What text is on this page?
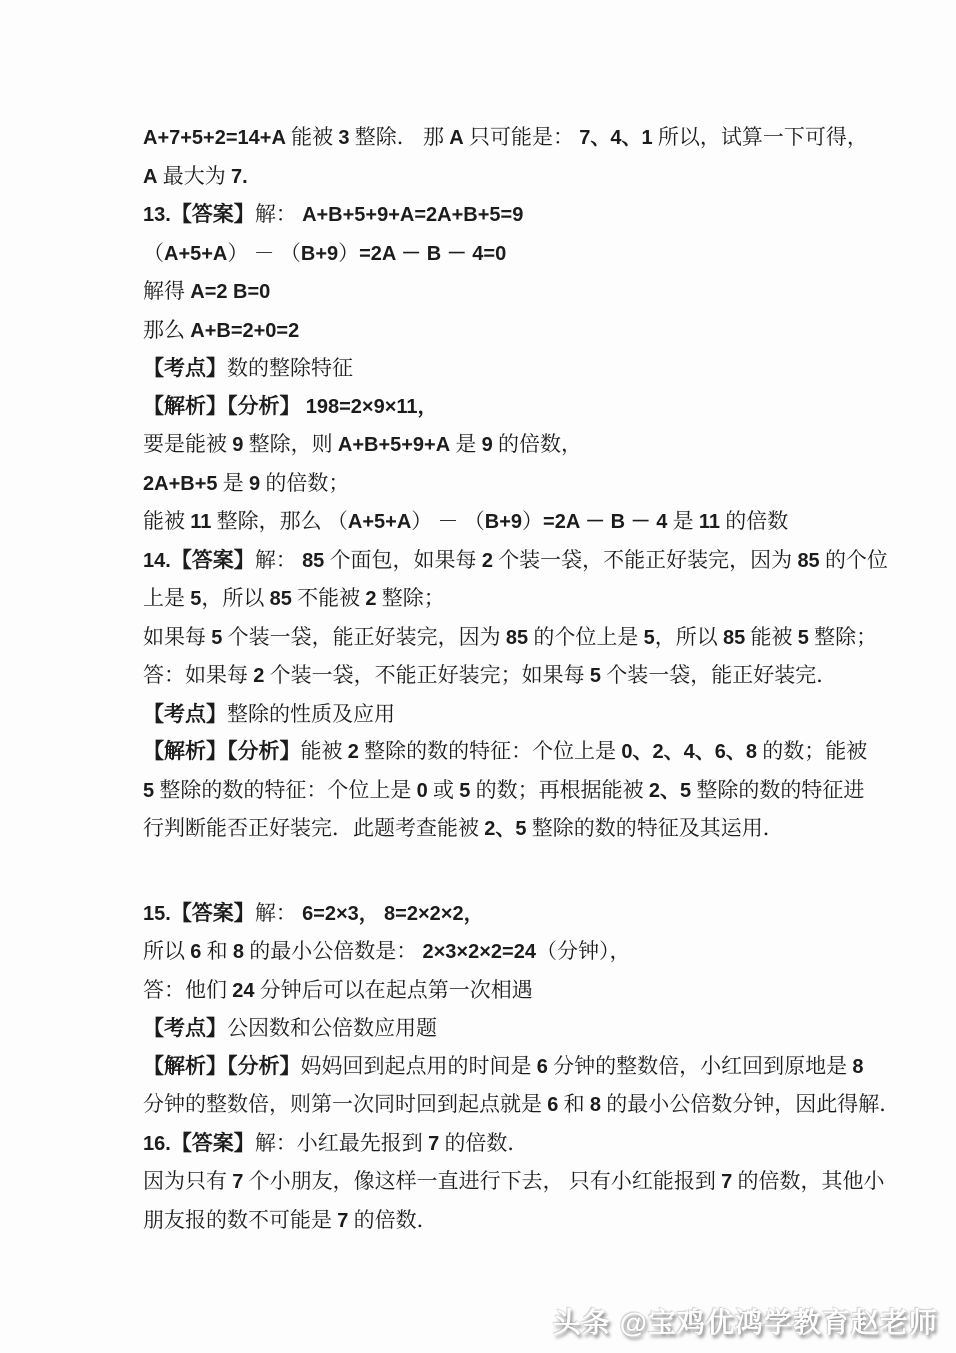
A+7+5+2=14+A 能被 3 整除． 那 A 只可能是： 7、4、1 所以，试算一下可得，

A 最大为 7.

13.【答案】解： A+B+5+9+A=2A+B+5=9

（A+5+A） － （B+9）=2A － B － 4=0

解得 A=2 B=0

那么 A+B=2+0=2

【考点】数的整除特征

【解析】【分析】 198=2×9×11，

要是能被 9 整除，则 A+B+5+9+A 是 9 的倍数，

2A+B+5 是 9 的倍数；

能被 11 整除，那么 （A+5+A） － （B+9）=2A － B － 4 是 11 的倍数

14.【答案】解： 85 个面包，如果每 2 个装一袋，不能正好装完，因为 85 的个位

上是 5，所以 85 不能被 2 整除；

如果每 5 个装一袋，能正好装完，因为 85 的个位上是 5，所以 85 能被 5 整除；

答：如果每 2 个装一袋，不能正好装完；如果每 5 个装一袋，能正好装完．

【考点】整除的性质及应用

【解析】【分析】能被 2 整除的数的特征：个位上是 0、2、4、6、8 的数；能被

5 整除的数的特征：个位上是 0 或 5 的数；再根据能被 2、5 整除的数的特征进

行判断能否正好装完．此题考查能被 2、5 整除的数的特征及其运用．

15.【答案】解： 6=2×3， 8=2×2×2，

所以 6 和 8 的最小公倍数是： 2×3×2×2=24（分钟），

答：他们 24 分钟后可以在起点第一次相遇

【考点】公因数和公倍数应用题

【解析】【分析】妈妈回到起点用的时间是 6 分钟的整数倍，小红回到原地是 8

分钟的整数倍，则第一次同时回到起点就是 6 和 8 的最小公倍数分钟，因此得解．

16.【答案】解：小红最先报到 7 的倍数．

因为只有 7 个小朋友，像这样一直进行下去， 只有小红能报到 7 的倍数，其他小

朋友报的数不可能是 7 的倍数．

头条 @宝鸡优鸿学教育赵老师
